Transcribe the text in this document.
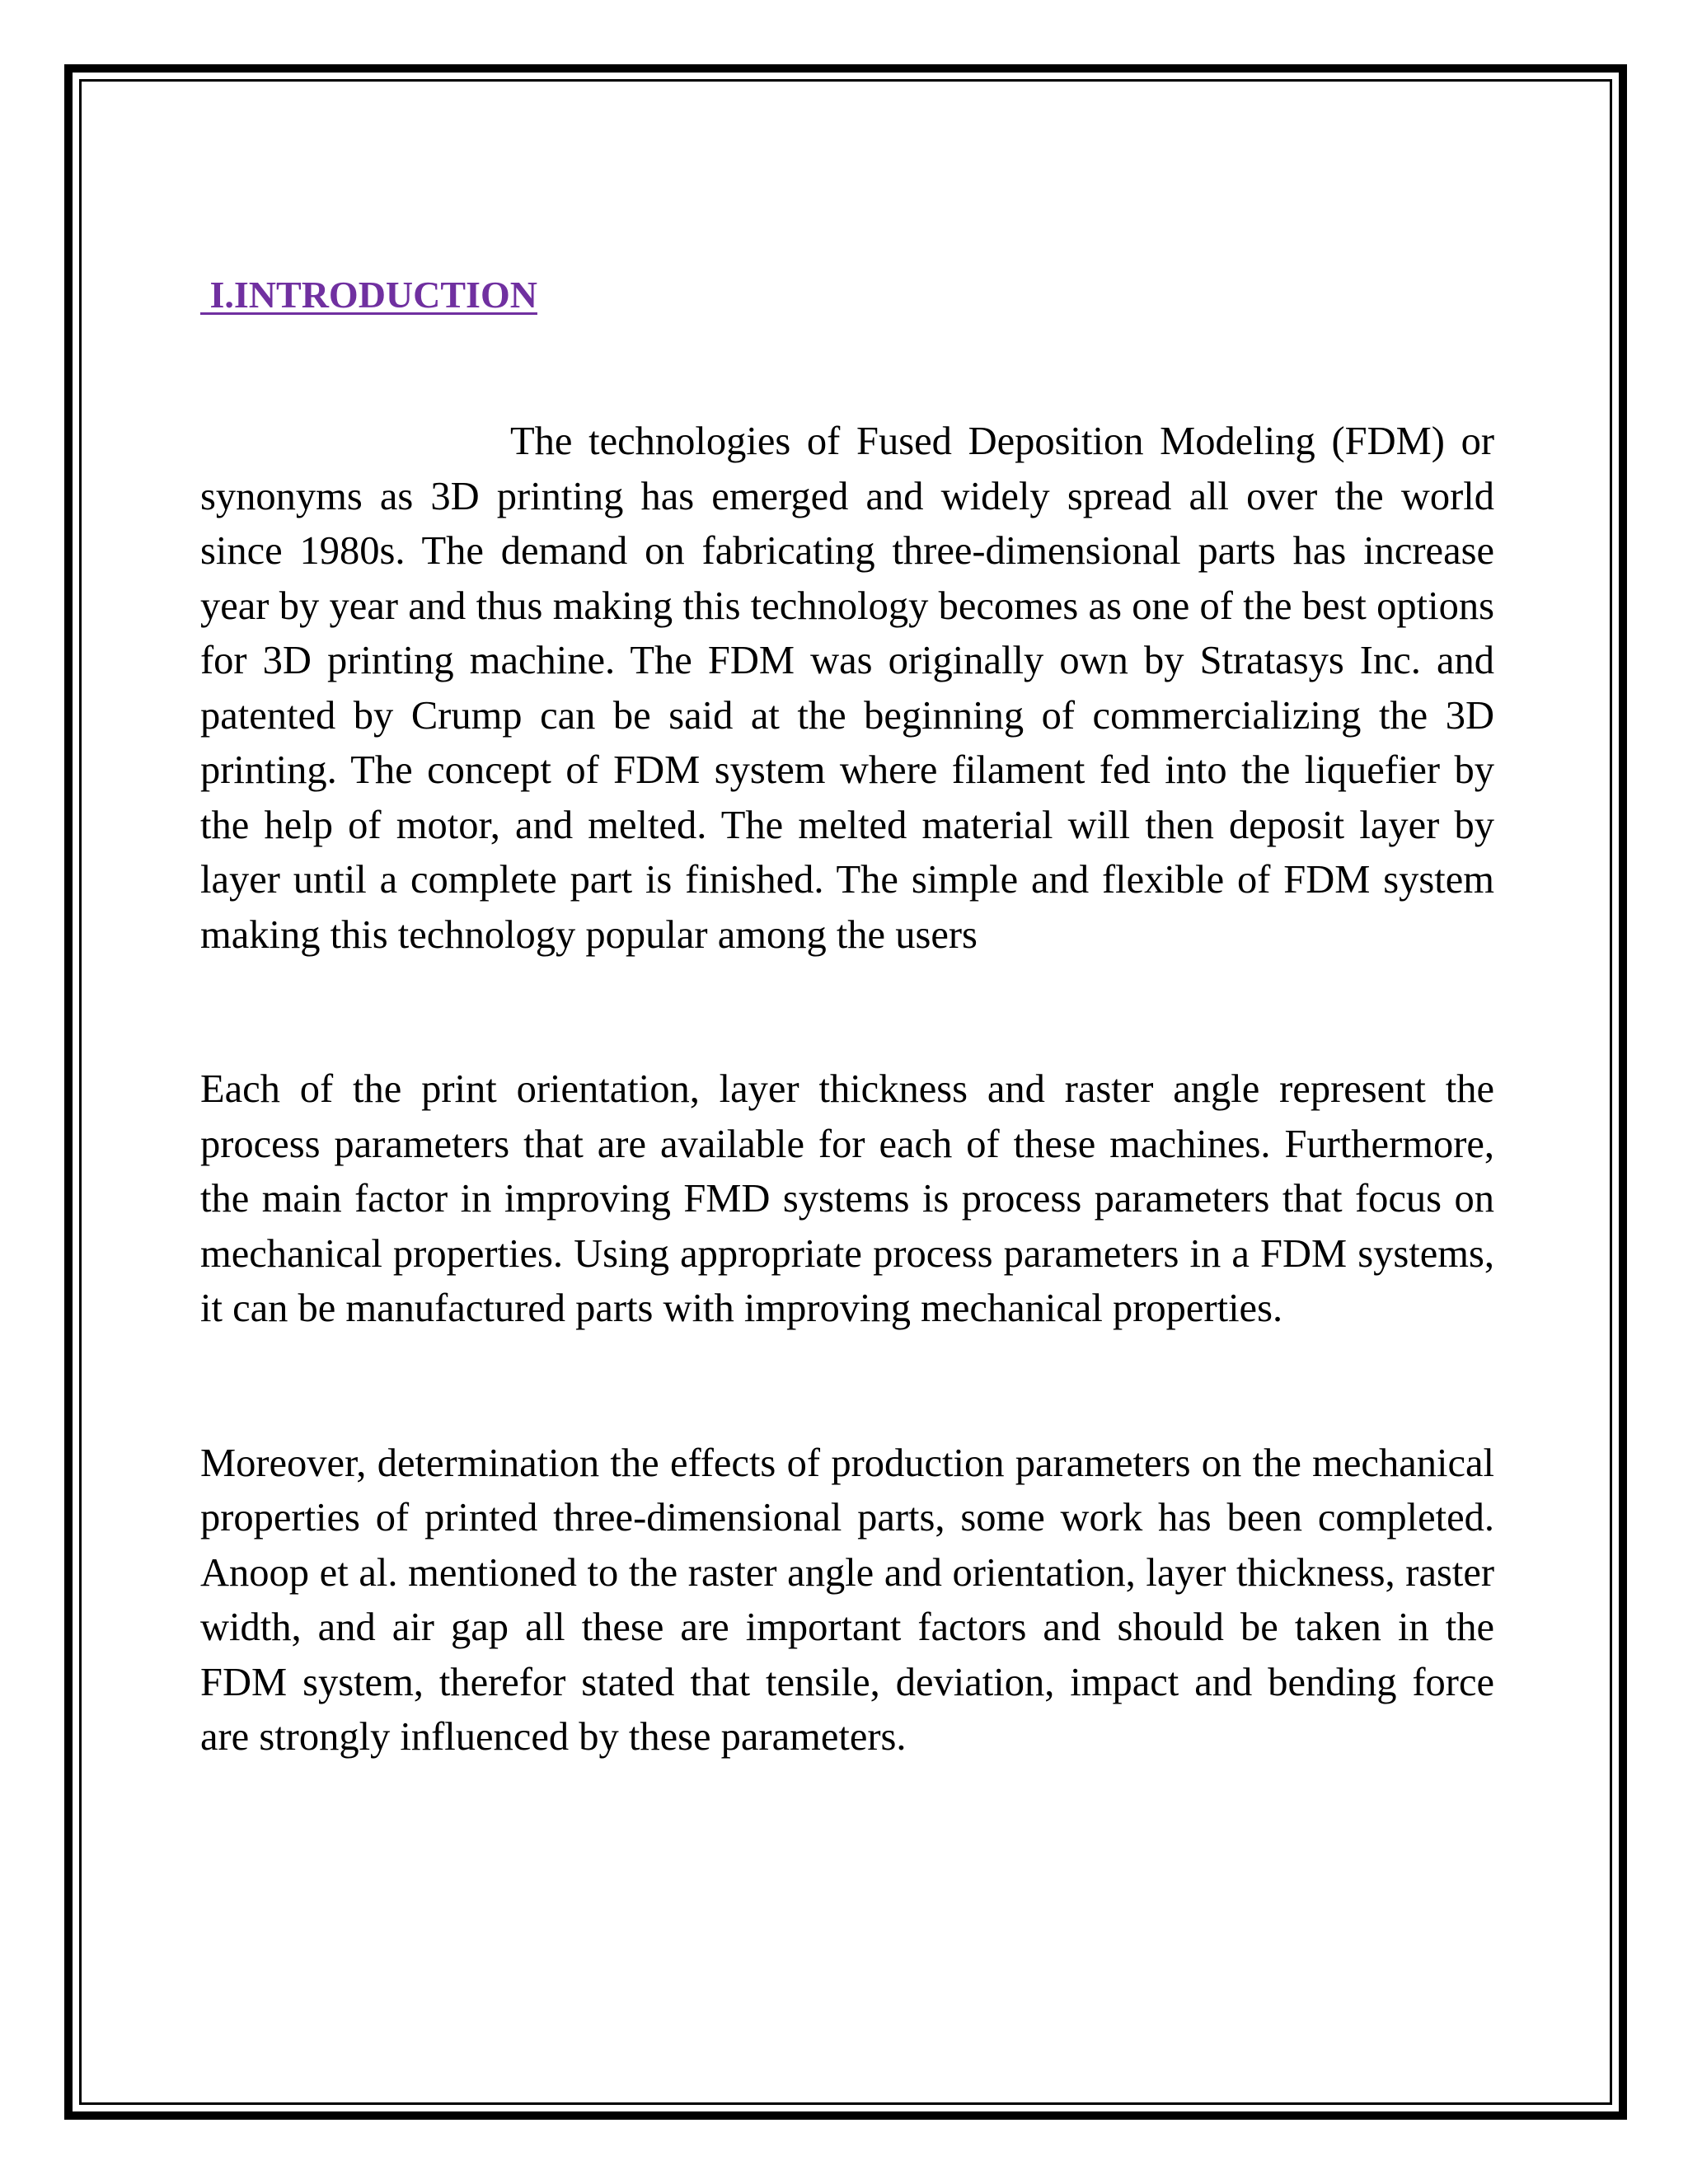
I.INTRODUCTION

The technologies of Fused Deposition Modeling (FDM) or synonyms as 3D printing has emerged and widely spread all over the world since 1980s. The demand on fabricating three-dimensional parts has increase year by year and thus making this technology becomes as one of the best options for 3D printing machine. The FDM was originally own by Stratasys Inc. and patented by Crump can be said at the beginning of commercializing the 3D printing. The concept of FDM system where filament fed into the liquefier by the help of motor, and melted. The melted material will then deposit layer by layer until a complete part is finished. The simple and flexible of FDM system making this technology popular among the users

Each of the print orientation, layer thickness and raster angle represent the process parameters that are available for each of these machines. Furthermore, the main factor in improving FMD systems is process parameters that focus on mechanical properties. Using appropriate process parameters in a FDM systems, it can be manufactured parts with improving mechanical properties.

Moreover, determination the effects of production parameters on the mechanical properties of printed three-dimensional parts, some work has been completed. Anoop et al. mentioned to the raster angle and orientation, layer thickness, raster width, and air gap all these are important factors and should be taken in the FDM system, therefor stated that tensile, deviation, impact and bending force are strongly influenced by these parameters.
